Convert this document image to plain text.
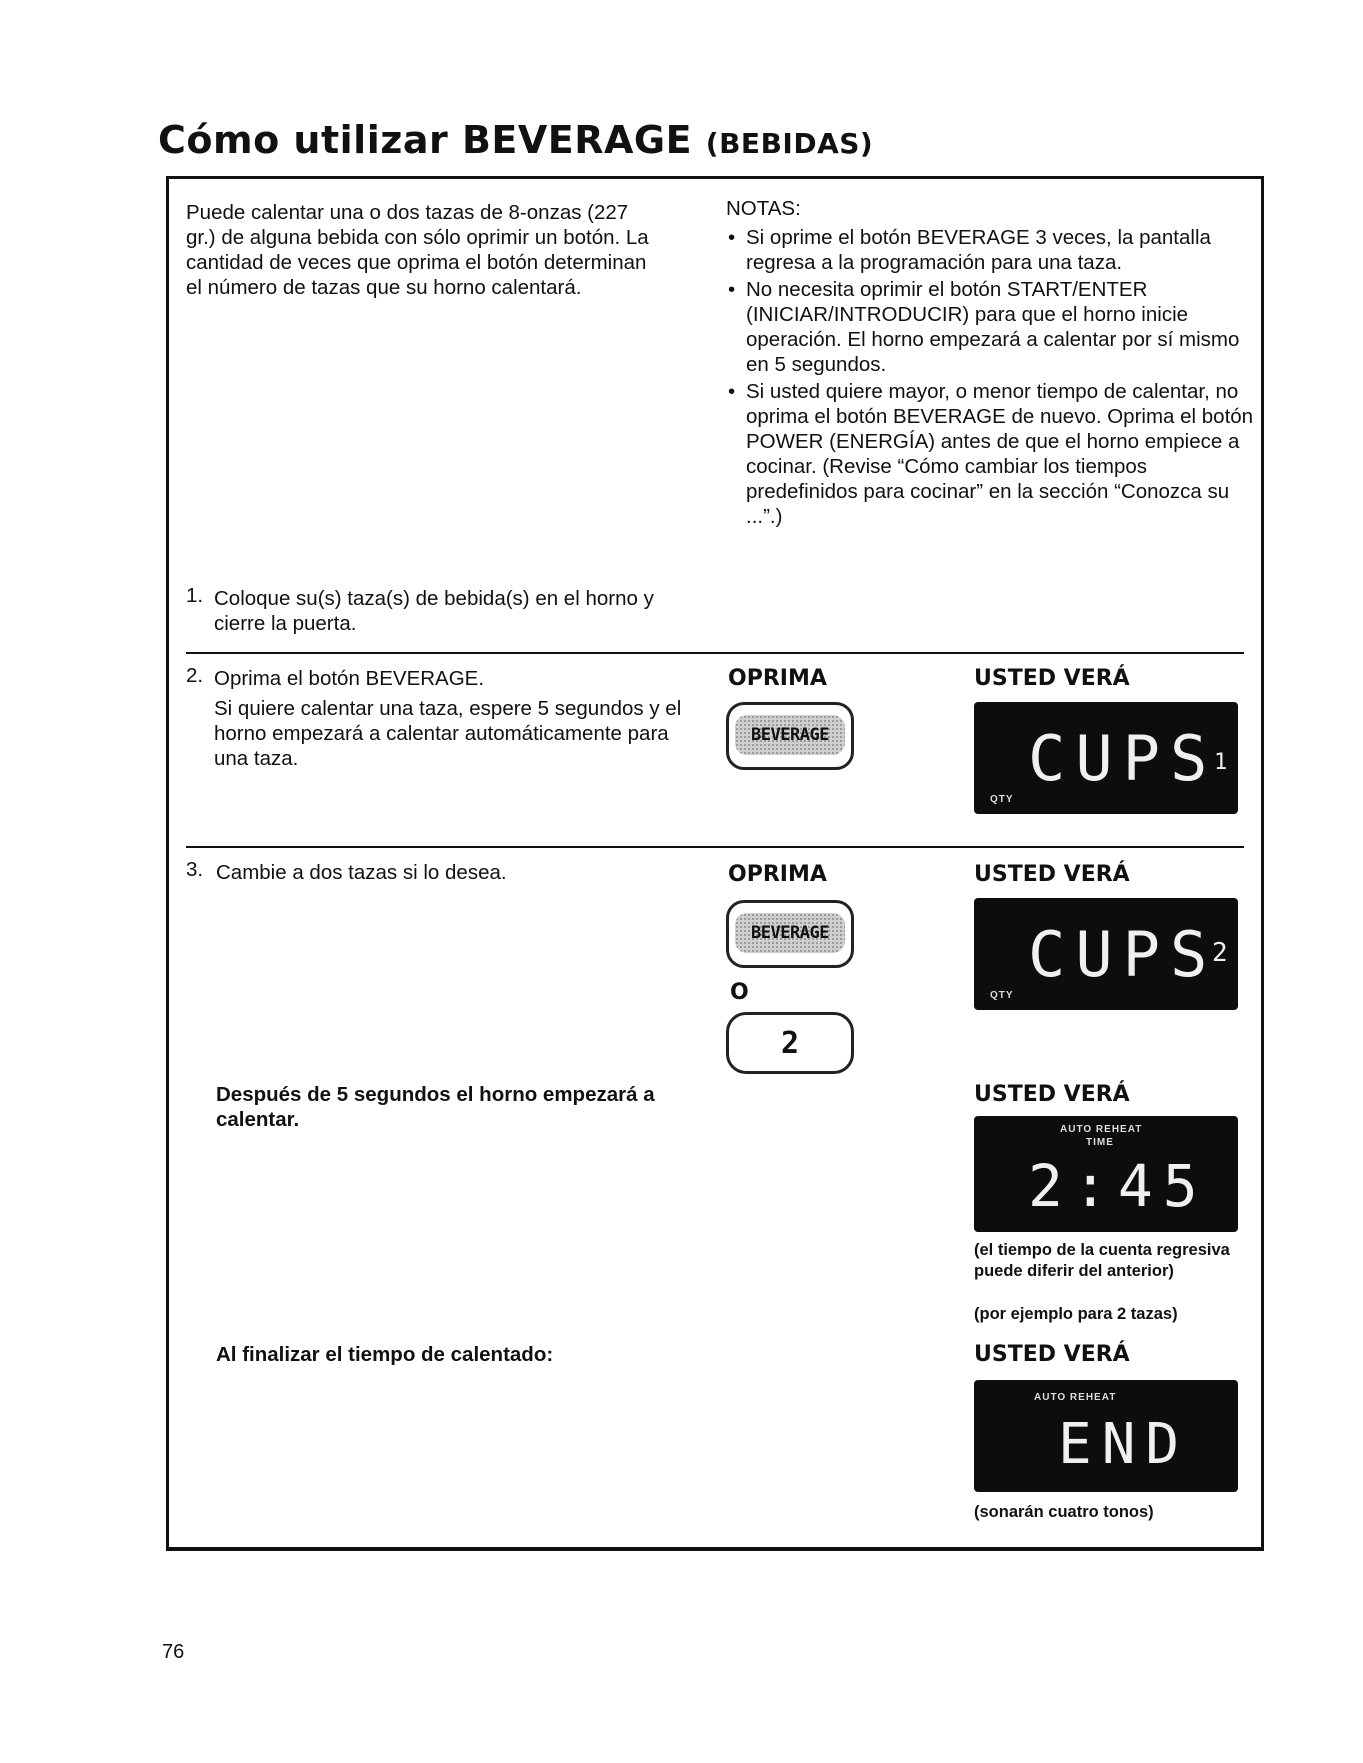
Cómo utilizar BEVERAGE (BEBIDAS)
Puede calentar una o dos tazas de 8-onzas (227 gr.) de alguna bebida con sólo oprimir un botón. La cantidad de veces que oprima el botón determinan el número de tazas que su horno calentará.
NOTAS:
• Si oprime el botón BEVERAGE 3 veces, la pantalla regresa a la programación para una taza.
• No necesita oprimir el botón START/ENTER (INICIAR/INTRODUCIR) para que el horno inicie operación. El horno empezará a calentar por sí mismo en 5 segundos.
• Si usted quiere mayor, o menor tiempo de calentar, no oprima el botón BEVERAGE de nuevo. Oprima el botón POWER (ENERGÍA) antes de que el horno empiece a cocinar. (Revise “Cómo cambiar los tiempos predefinidos para cocinar” en la sección “Conozca su ...”.)
1. Coloque su(s) taza(s) de bebida(s) en el horno y cierre la puerta.
2. Oprima el botón BEVERAGE.
Si quiere calentar una taza, espere 5 segundos y el horno empezará a calentar automáticamente para una taza.
OPRIMA
BEVERAGE
USTED VERÁ
CUPS
1
QTY
3. Cambie a dos tazas si lo desea.	OPRIMA
BEVERAGE
O
2
USTED VERÁ
CUPS
2
QTY
Después de 5 segundos el horno empezará a calentar.
USTED VERÁ
AUTO REHEAT
TIME
2:45
(el tiempo de la cuenta regresiva puede diferir del anterior)
(por ejemplo para 2 tazas)
Al finalizar el tiempo de calentado:	USTED VERÁ
AUTO REHEAT
END
(sonarán cuatro tonos)
76
